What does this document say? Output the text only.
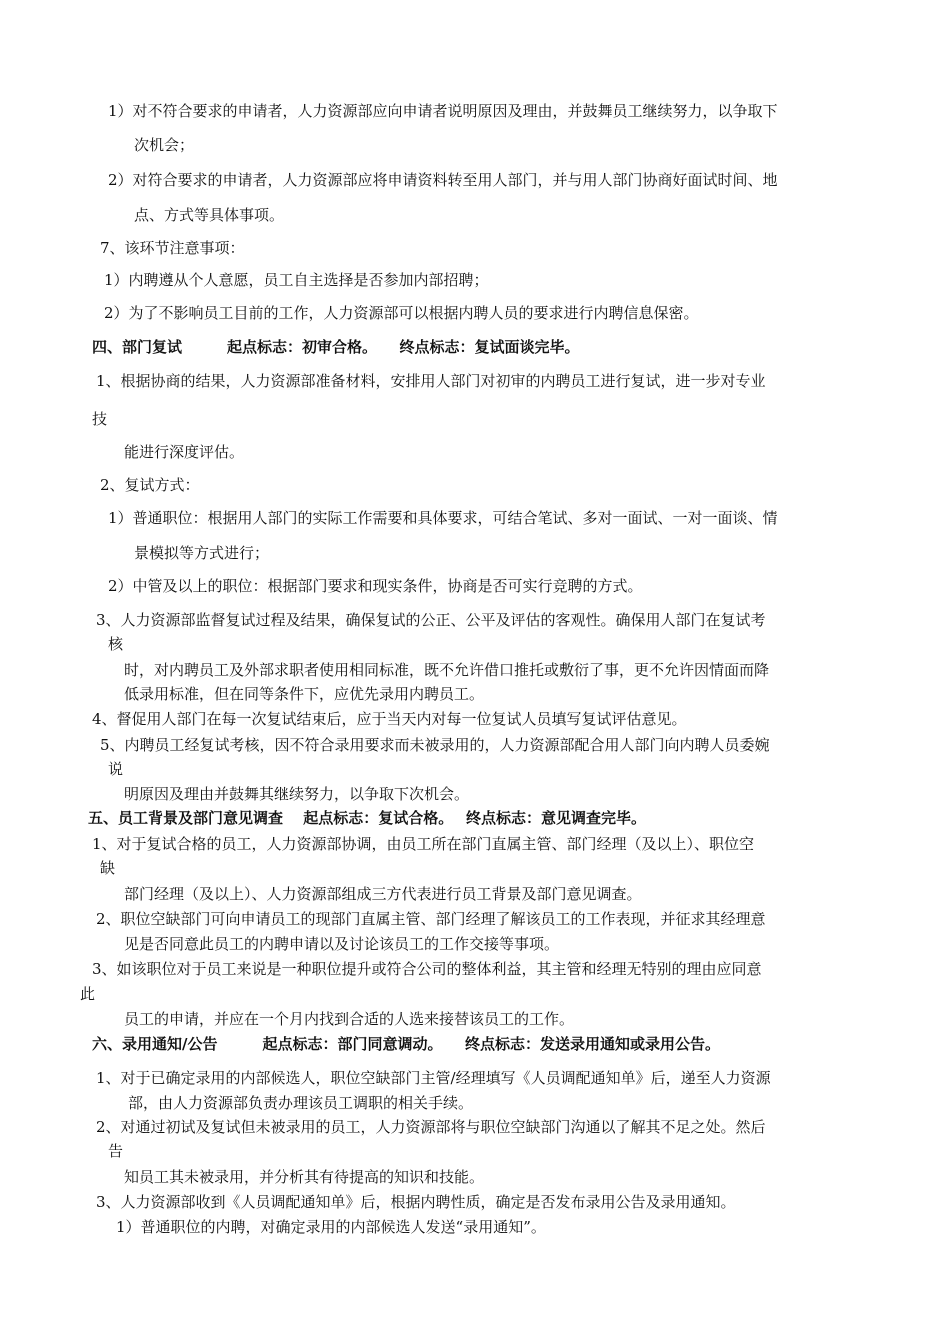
1）对不符合要求的申请者，人力资源部应向申请者说明原因及理由，并鼓舞员工继续努力，以争取下
次机会；
2）对符合要求的申请者，人力资源部应将申请资料转至用人部门，并与用人部门协商好面试时间、地
点、方式等具体事项。
7、该环节注意事项：
1）内聘遵从个人意愿，员工自主选择是否参加内部招聘；
2）为了不影响员工目前的工作，人力资源部可以根据内聘人员的要求进行内聘信息保密。
四、部门复试　　　起点标志：初审合格。　　终点标志：复试面谈完毕。
1、根据协商的结果，人力资源部准备材料，安排用人部门对初审的内聘员工进行复试，进一步对专业
技
能进行深度评估。
2、复试方式：
1）普通职位：根据用人部门的实际工作需要和具体要求，可结合笔试、多对一面试、一对一面谈、情
景模拟等方式进行；
2）中管及以上的职位：根据部门要求和现实条件，协商是否可实行竞聘的方式。
3、人力资源部监督复试过程及结果，确保复试的公正、公平及评估的客观性。确保用人部门在复试考
核
时，对内聘员工及外部求职者使用相同标准，既不允许借口推托或敷衍了事，更不允许因情面而降
低录用标准，但在同等条件下，应优先录用内聘员工。
4、督促用人部门在每一次复试结束后，应于当天内对每一位复试人员填写复试评估意见。
5、内聘员工经复试考核，因不符合录用要求而未被录用的，人力资源部配合用人部门向内聘人员委婉
说
明原因及理由并鼓舞其继续努力，以争取下次机会。
五、员工背景及部门意见调查　 起点标志：复试合格。　 终点标志：意见调查完毕。
1、对于复试合格的员工，人力资源部协调，由员工所在部门直属主管、部门经理（及以上）、职位空
缺
部门经理（及以上）、人力资源部组成三方代表进行员工背景及部门意见调查。
2、职位空缺部门可向申请员工的现部门直属主管、部门经理了解该员工的工作表现，并征求其经理意
见是否同意此员工的内聘申请以及讨论该员工的工作交接等事项。
3、如该职位对于员工来说是一种职位提升或符合公司的整体利益，其主管和经理无特别的理由应同意
此
员工的申请，并应在一个月内找到合适的人选来接替该员工的工作。
六、录用通知/公告　　　起点标志：部门同意调动。　　终点标志：发送录用通知或录用公告。
1、对于已确定录用的内部候选人，职位空缺部门主管/经理填写《人员调配通知单》后，递至人力资源
部，由人力资源部负责办理该员工调职的相关手续。
2、对通过初试及复试但未被录用的员工，人力资源部将与职位空缺部门沟通以了解其不足之处。然后
告
知员工其未被录用，并分析其有待提高的知识和技能。
3、人力资源部收到《人员调配通知单》后，根据内聘性质，确定是否发布录用公告及录用通知。
1）普通职位的内聘，对确定录用的内部候选人发送“录用通知”。
